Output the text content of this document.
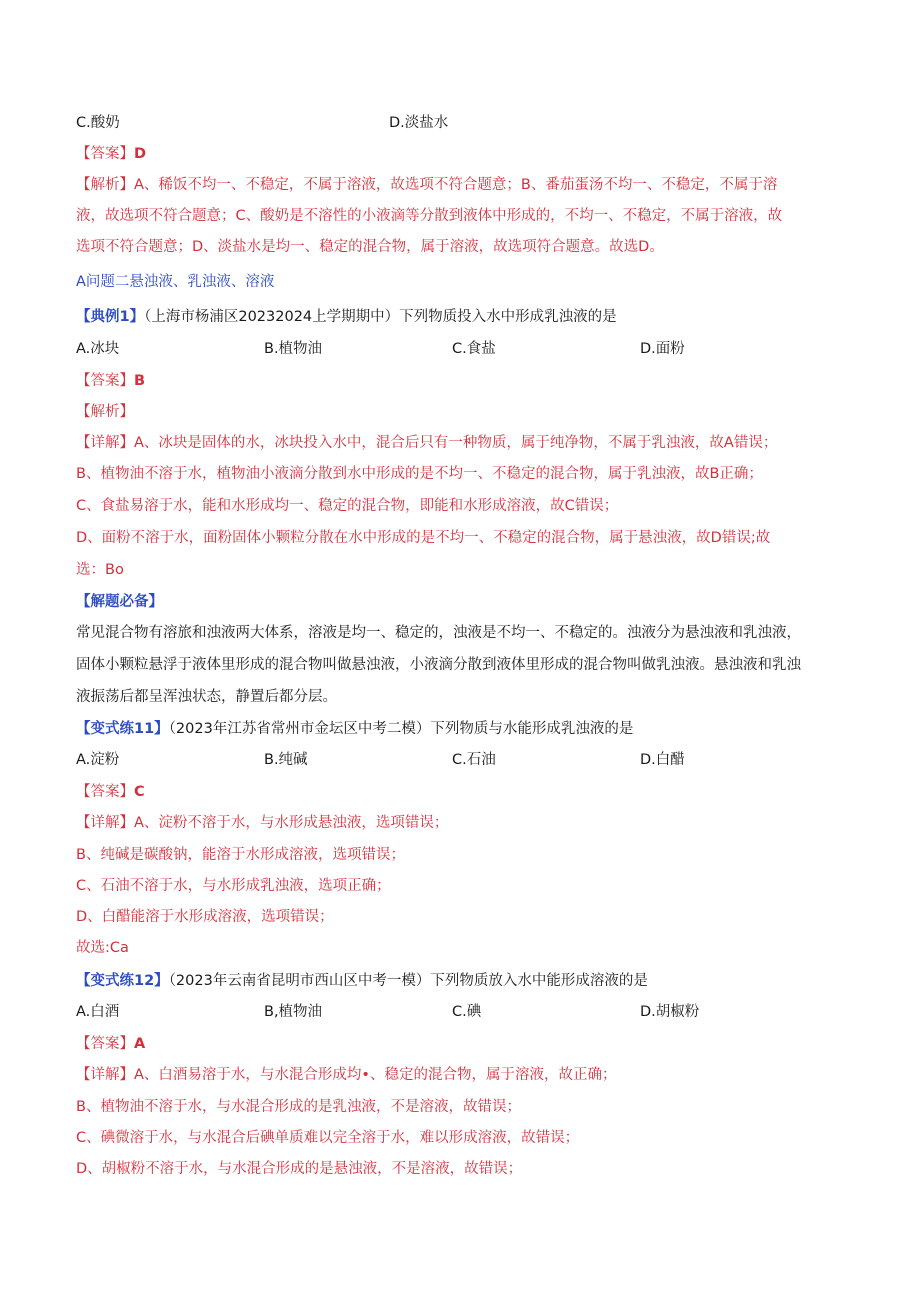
C.酸奶	D.淡盐水
【答案】D
【解析】A、稀饭不均一、不稳定，不属于溶液，故选项不符合题意；B、番茄蛋汤不均一、不稳定，不属于溶
液，故选项不符合题意；C、酸奶是不溶性的小液滴等分散到液体中形成的，不均一、不稳定，不属于溶液，故
选项不符合题意；D、淡盐水是均一、稳定的混合物，属于溶液，故选项符合题意。故选D。
A问题二悬浊液、乳浊液、溶液
【典例1】（上海市杨浦区20232024上学期期中）下列物质投入水中形成乳浊液的是
A.冰块	B.植物油	C.食盐	D.面粉
【答案】B
【解析】
【详解】A、冰块是固体的水，冰块投入水中，混合后只有一种物质，属于纯净物，不属于乳浊液，故A错误；
B、植物油不溶于水，植物油小液滴分散到水中形成的是不均一、不稳定的混合物，属于乳浊液，故B正确；
C、食盐易溶于水，能和水形成均一、稳定的混合物，即能和水形成溶液，故C错误；
D、面粉不溶于水，面粉固体小颗粒分散在水中形成的是不均一、不稳定的混合物，属于悬浊液，故D错误;故
选：Bo
【解题必备】
常见混合物有溶旅和浊液两大体系，溶液是均一、稳定的，浊液是不均一、不稳定的。浊液分为悬浊液和乳浊液，
固体小颗粒悬浮于液体里形成的混合物叫做悬浊液，小液滴分散到液体里形成的混合物叫做乳浊液。悬浊液和乳浊
液振荡后都呈浑浊状态，静置后都分层。
【变式练11】（2023年江苏省常州市金坛区中考二模）下列物质与水能形成乳浊液的是
A.淀粉	B.纯碱	C.石油	D.白醋
【答案】C
【详解】A、淀粉不溶于水，与水形成悬浊液，选项错误；
B、纯碱是碳酸钠，能溶于水形成溶液，选项错误；
C、石油不溶于水，与水形成乳浊液，选项正确；
D、白醋能溶于水形成溶液，选项错误；
故选:Ca
【变式练12】（2023年云南省昆明市西山区中考一模）下列物质放入水中能形成溶液的是
A.白酒	B,植物油	C.碘	D.胡椒粉
【答案】A
【详解】A、白酒易溶于水，与水混合形成均•、稳定的混合物，属于溶液，故正确；
B、植物油不溶于水，与水混合形成的是乳浊液，不是溶液，故错误；
C、碘微溶于水，与水混合后碘单质难以完全溶于水，难以形成溶液，故错误；
D、胡椒粉不溶于水，与水混合形成的是悬浊液，不是溶液，故错误；
